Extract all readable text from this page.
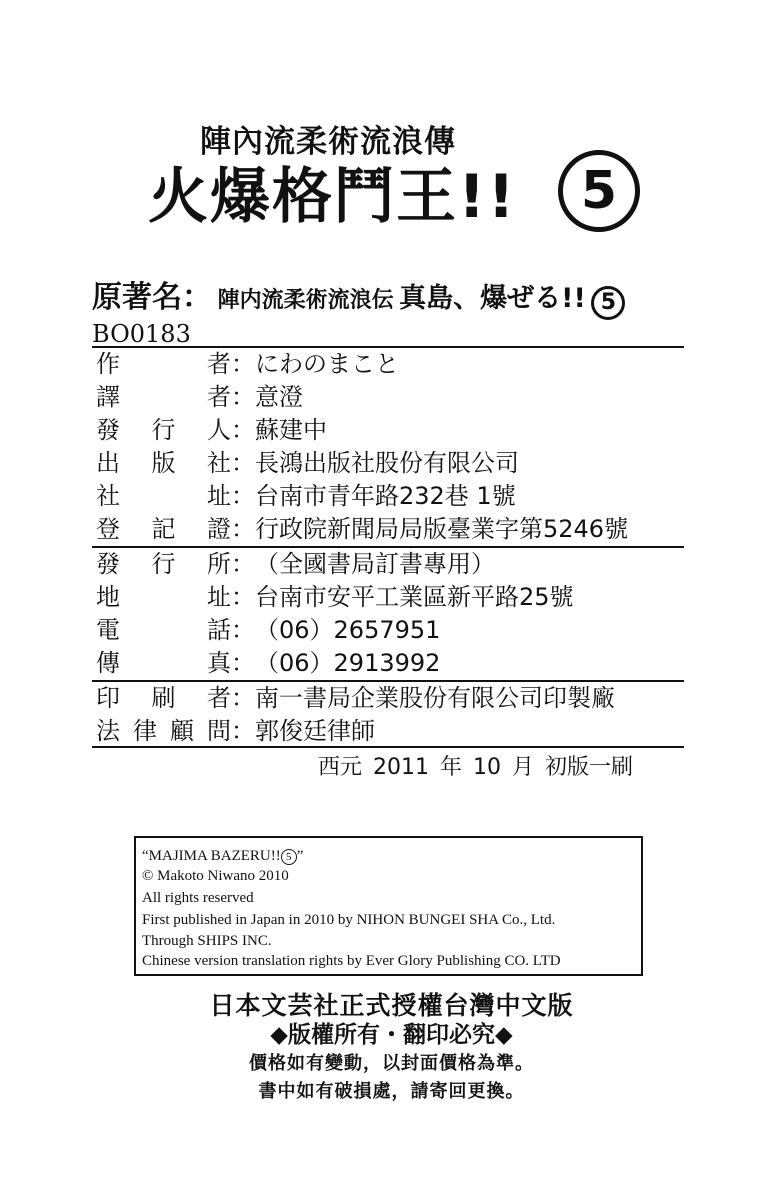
陣內流柔術流浪傳
火爆格鬥王!!	5
原著名： 陣内流柔術流浪伝 真島、爆ぜる!! 5
BO0183
作	者 ： にわのまこと
譯	者 ： 意澄
發 行 人 ： 蘇建中
出 版 社 ： 長鴻出版社股份有限公司
社	址 ： 台南市青年路232巷 1號
登 記 證 ： 行政院新聞局局版臺業字第5246號
發 行 所 ： （全國書局訂書專用）
地	址 ： 台南市安平工業區新平路25號
電	話 ： （06）2657951
傳	真 ： （06）2913992
印 刷 者 ： 南一書局企業股份有限公司印製廠
法 律 顧 問 ： 郭俊廷律師
西元 2011 年 10 月 初版一刷
“MAJIMA BAZERU!! 5 ”
© Makoto Niwano 2010
All rights reserved
First published in Japan in 2010 by NIHON BUNGEI SHA Co., Ltd.
Through SHIPS INC.
Chinese version translation rights by Ever Glory Publishing CO. LTD
日本文芸社正式授權台灣中文版
◆版權所有・翻印必究◆
價格如有變動，以封面價格為準。
書中如有破損處，請寄回更換。
